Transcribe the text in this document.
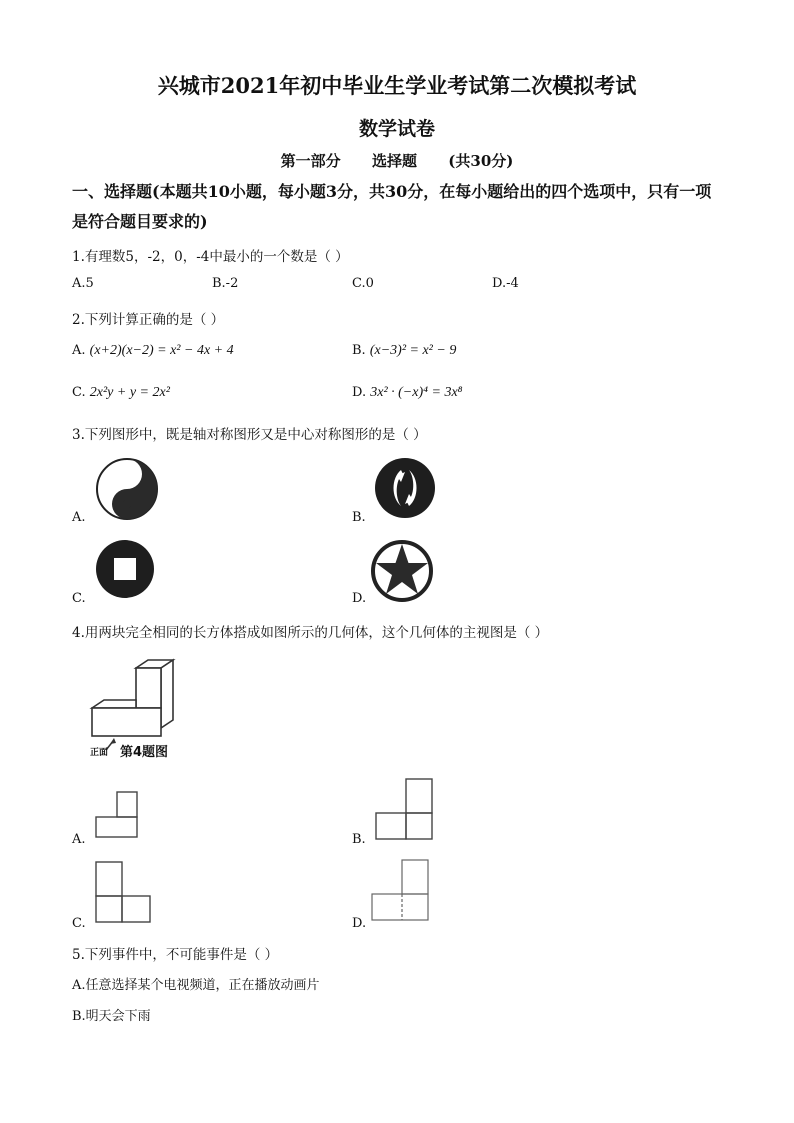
兴城市2021年初中毕业生学业考试第二次模拟考试
数学试卷
第一部分      选择题      (共30分)
一、选择题(本题共10小题，每小题3分，共30分，在每小题给出的四个选项中，只有一项
是符合题目要求的)
1.有理数5，-2，0，-4中最小的一个数是（ ）
A.5	B.-2	C.0	D.-4
2.下列计算正确的是（ ）
A. (x+2)(x−2) = x² − 4x + 4	B. (x−3)² = x² − 9
C. 2x²y + y = 2x²	D. 3x² · (−x)⁴ = 3x⁸
3.下列图形中，既是轴对称图形又是中心对称图形的是（ ）
A.	B.
C.	D.
4.用两块完全相同的长方体搭成如图所示的几何体，这个几何体的主视图是（ ）
正面 第4题图
A.	B.
C.	D.
5.下列事件中，不可能事件是（ ）
A.任意选择某个电视频道，正在播放动画片
B.明天会下雨
